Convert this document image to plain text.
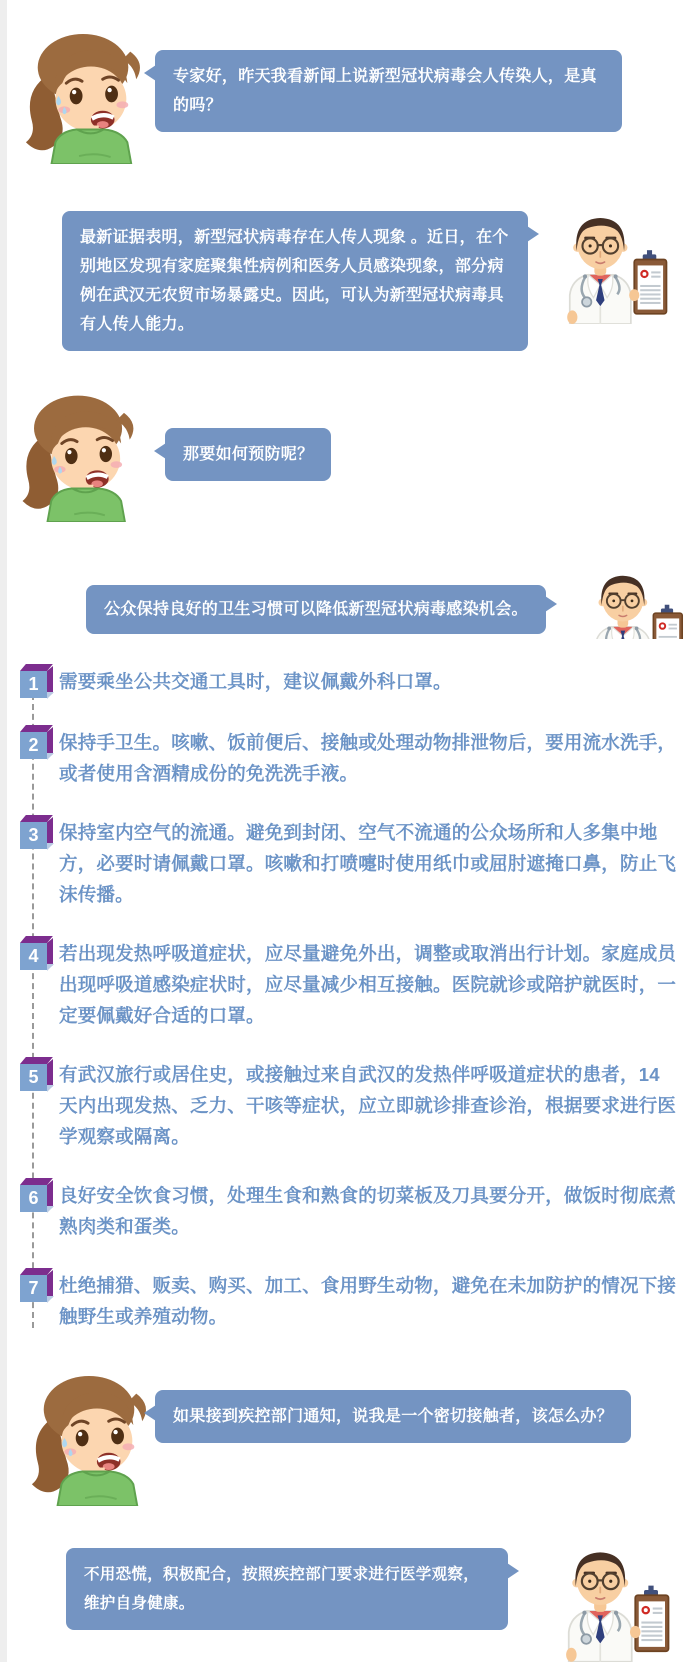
专家好，昨天我看新闻上说新型冠状病毒会人传染人，是真的吗？
最新证据表明，新型冠状病毒存在人传人现象 。近日，在个别地区发现有家庭聚集性病例和医务人员感染现象，部分病例在武汉无农贸市场暴露史。因此，可认为新型冠状病毒具有人传人能力。
那要如何预防呢？
公众保持良好的卫生习惯可以降低新型冠状病毒感染机会。
1	需要乘坐公共交通工具时，建议佩戴外科口罩。
2	保持手卫生。咳嗽、饭前便后、接触或处理动物排泄物后，要用流水洗手，或者使用含酒精成份的免洗洗手液。
3	保持室内空气的流通。避免到封闭、空气不流通的公众场所和人多集中地方，必要时请佩戴口罩。咳嗽和打喷嚏时使用纸巾或屈肘遮掩口鼻，防止飞沫传播。
4	若出现发热呼吸道症状，应尽量避免外出，调整或取消出行计划。家庭成员出现呼吸道感染症状时，应尽量减少相互接触。医院就诊或陪护就医时，一定要佩戴好合适的口罩。
5	有武汉旅行或居住史，或接触过来自武汉的发热伴呼吸道症状的患者，14天内出现发热、乏力、干咳等症状，应立即就诊排查诊治，根据要求进行医学观察或隔离。
6	良好安全饮食习惯，处理生食和熟食的切菜板及刀具要分开，做饭时彻底煮熟肉类和蛋类。
7	杜绝捕猎、贩卖、购买、加工、食用野生动物，避免在未加防护的情况下接触野生或养殖动物。
如果接到疾控部门通知，说我是一个密切接触者，该怎么办？
不用恐慌，积极配合，按照疾控部门要求进行医学观察，维护自身健康。
